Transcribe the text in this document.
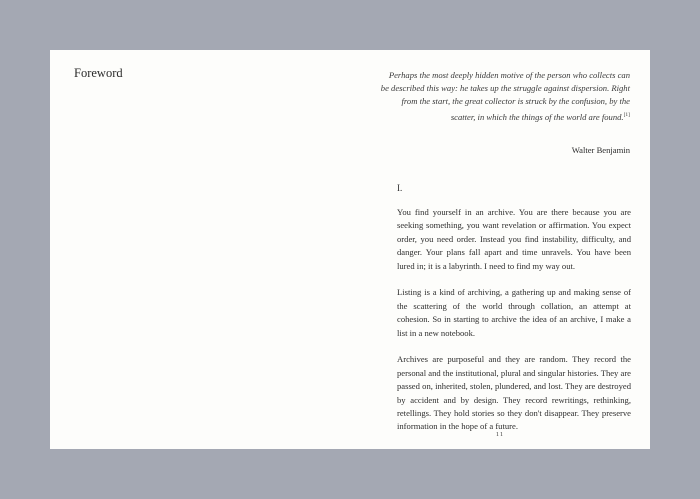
Foreword	Perhaps the most deeply hidden motive of the person who collects can be described this way: he takes up the struggle against dispersion. Right from the start, the great collector is struck by the confusion, by the scatter, in which the things of the world are found.[1]
Walter Benjamin
I.

You find yourself in an archive. You are there because you are seeking something, you want revelation or affirmation. You expect order, you need order. Instead you find instability, difficulty, and danger. Your plans fall apart and time unravels. You have been lured in; it is a labyrinth. I need to find my way out.

Listing is a kind of archiving, a gathering up and making sense of the scattering of the world through collation, an attempt at cohesion. So in starting to archive the idea of an archive, I make a list in a new notebook.

Archives are purposeful and they are random. They record the personal and the institutional, plural and singular histories. They are passed on, inherited, stolen, plundered, and lost. They are destroyed by accident and by design. They record rewritings, rethinking, retellings. They hold stories so they don't disappear. They preserve information in the hope of a future.

11
